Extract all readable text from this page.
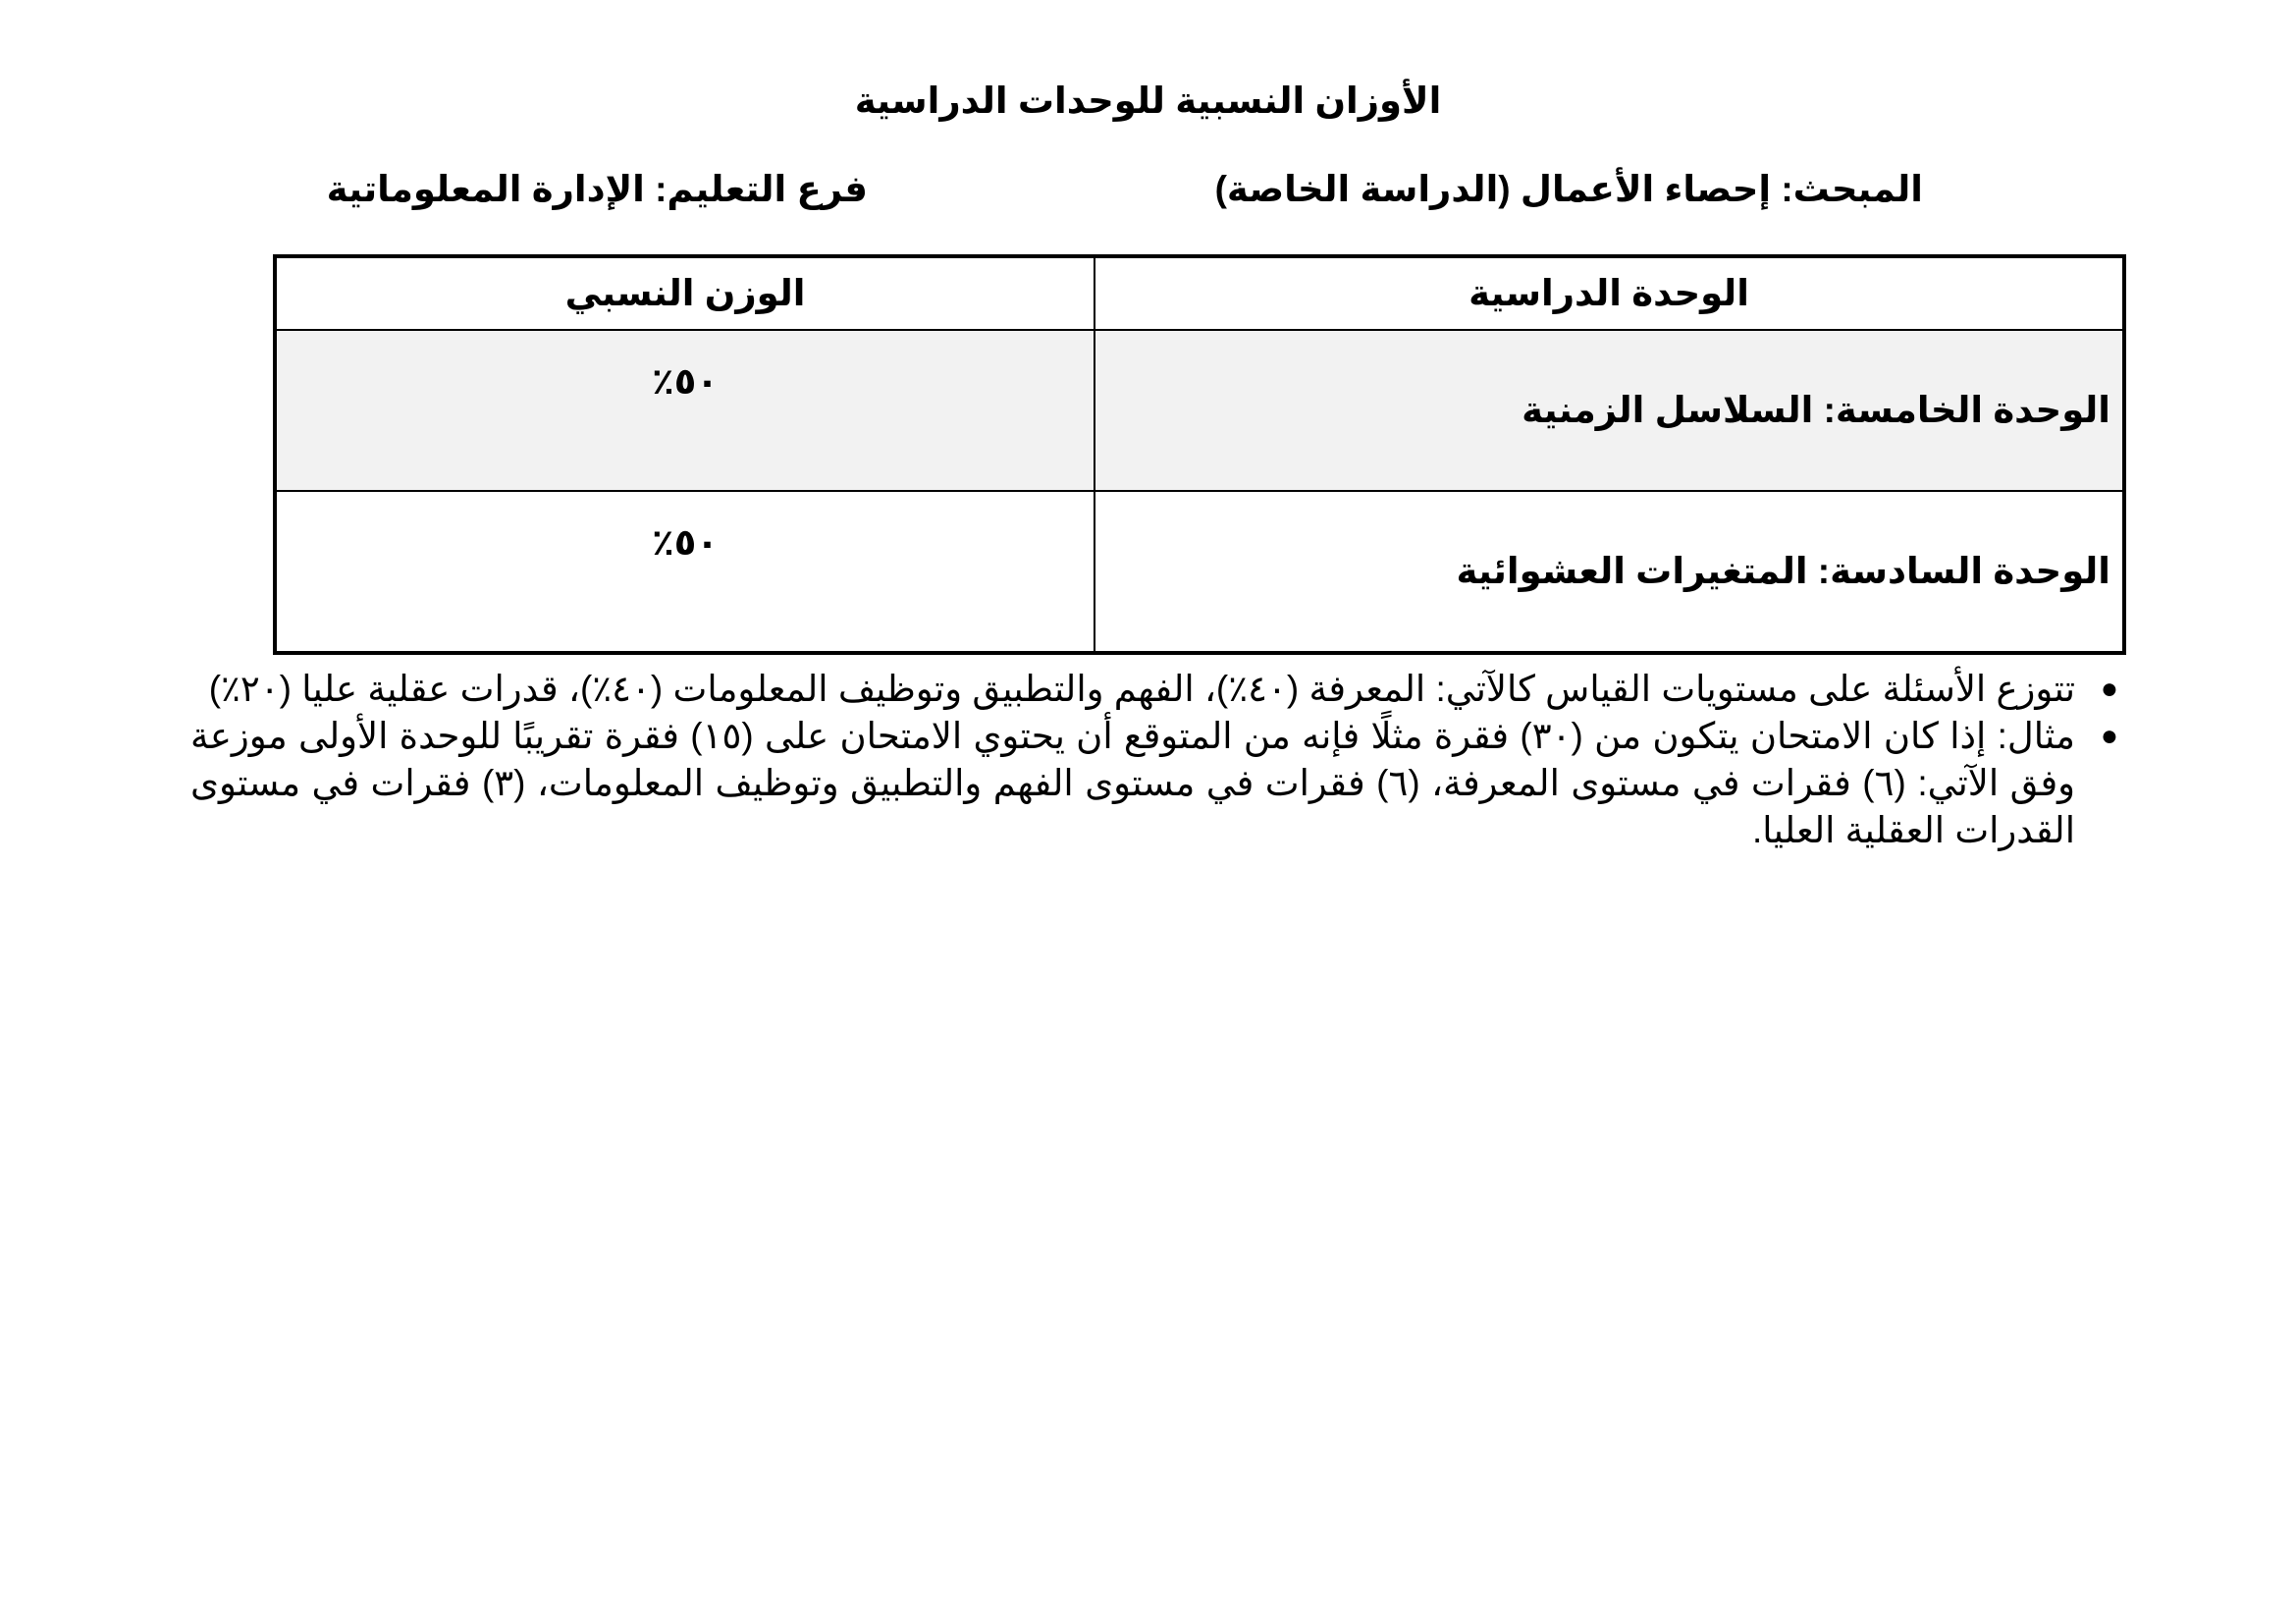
الأوزان النسبية للوحدات الدراسية
المبحث: إحصاء الأعمال (الدراسة الخاصة)
فرع التعليم: الإدارة المعلوماتية
الوحدة الدراسية	الوزن النسبي
الوحدة الخامسة: السلاسل الزمنية	٥٠٪
الوحدة السادسة: المتغيرات العشوائية	٥٠٪
●
تتوزع الأسئلة على مستويات القياس كالآتي: المعرفة (٤٠٪)، الفهم والتطبيق وتوظيف المعلومات (٤٠٪)، قدرات عقلية عليا (٢٠٪)
●
مثال: إذا كان الامتحان يتكون من (٣٠) فقرة مثلًا فإنه من المتوقع أن يحتوي الامتحان على (١٥) فقرة تقريبًا للوحدة الأولى موزعة وفق الآتي: (٦) فقرات في مستوى المعرفة، (٦) فقرات في مستوى الفهم والتطبيق وتوظيف المعلومات، (٣) فقرات في مستوى القدرات العقلية العليا.
